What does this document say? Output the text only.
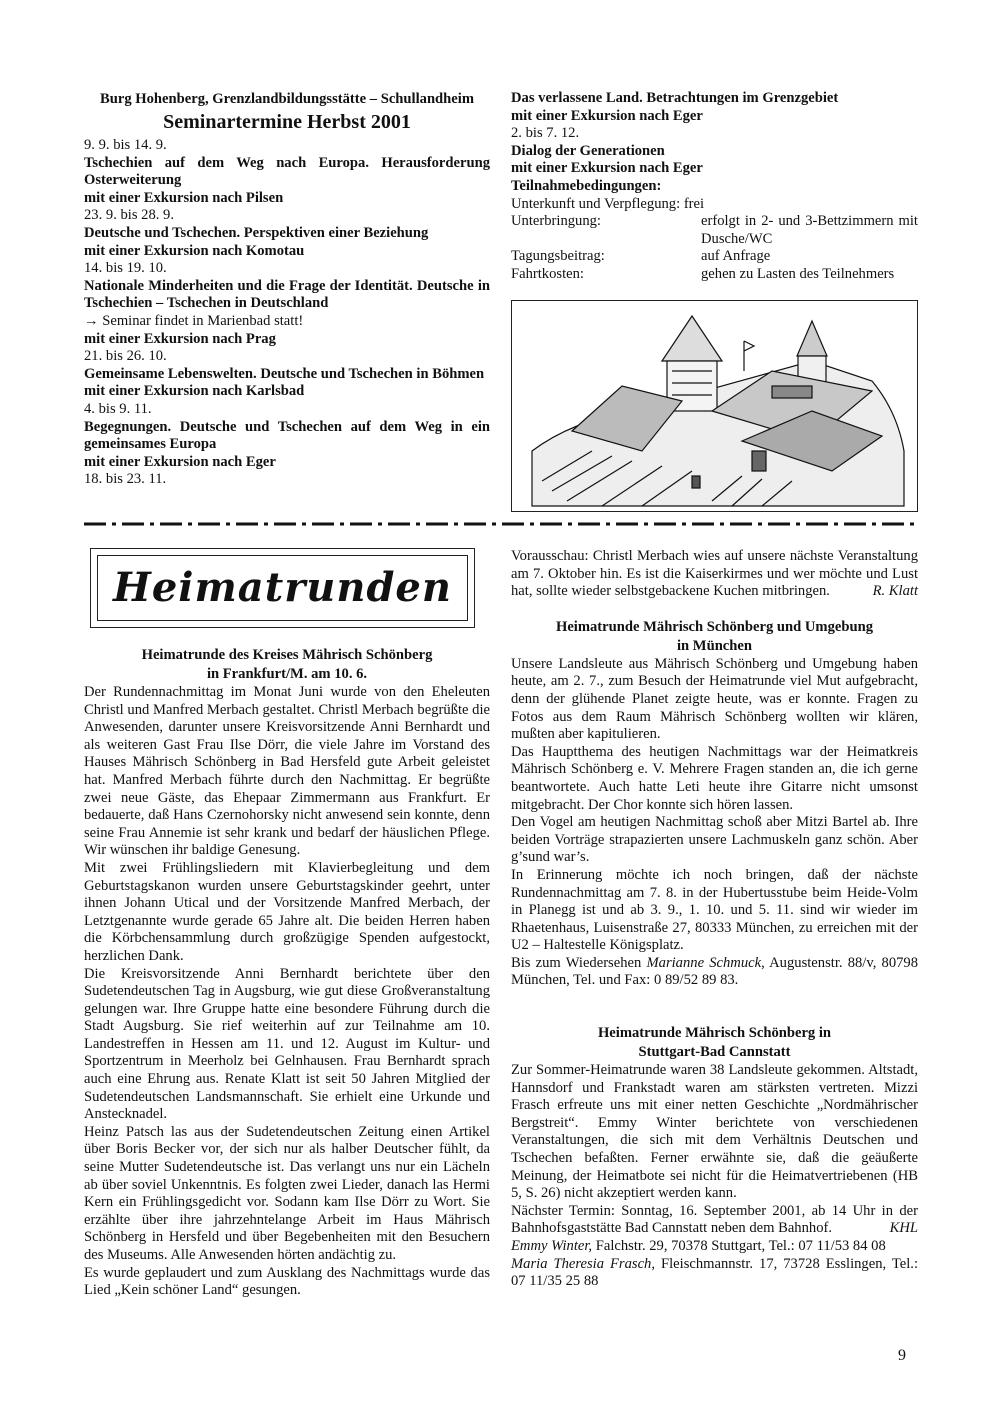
Burg Hohenberg, Grenzlandbildungsstätte – Schullandheim
Seminartermine Herbst 2001
9. 9. bis 14. 9.
Tschechien auf dem Weg nach Europa. Herausforderung Osterweiterung
mit einer Exkursion nach Pilsen
23. 9. bis 28. 9.
Deutsche und Tschechen. Perspektiven einer Beziehung
mit einer Exkursion nach Komotau
14. bis 19. 10.
Nationale Minderheiten und die Frage der Identität. Deutsche in Tschechien – Tschechen in Deutschland
→ Seminar findet in Marienbad statt!
mit einer Exkursion nach Prag
21. bis 26. 10.
Gemeinsame Lebenswelten. Deutsche und Tschechen in Böhmen
mit einer Exkursion nach Karlsbad
4. bis 9. 11.
Begegnungen. Deutsche und Tschechen auf dem Weg in ein gemeinsames Europa
mit einer Exkursion nach Eger
18. bis 23. 11.
Das verlassene Land. Betrachtungen im Grenzgebiet
mit einer Exkursion nach Eger
2. bis 7. 12.
Dialog der Generationen
mit einer Exkursion nach Eger
Teilnahmebedingungen:
Unterkunft und Verpflegung: frei
Unterbringung:	erfolgt in 2- und 3-Bettzimmern mit Dusche/WC
Tagungsbeitrag:	auf Anfrage
Fahrtkosten:	gehen zu Lasten des Teilnehmers
Heimatrunden
Heimatrunde des Kreises Mährisch Schönberg
in Frankfurt/M. am 10. 6.
Der Rundennachmittag im Monat Juni wurde von den Eheleuten Christl und Manfred Merbach gestaltet. Christl Merbach begrüßte die Anwesenden, darunter unsere Kreisvorsitzende Anni Bernhardt und als weiteren Gast Frau Ilse Dörr, die viele Jahre im Vorstand des Hauses Mährisch Schönberg in Bad Hersfeld gute Arbeit geleistet hat. Manfred Merbach führte durch den Nachmittag. Er begrüßte zwei neue Gäste, das Ehepaar Zimmermann aus Frankfurt. Er bedauerte, daß Hans Czernohorsky nicht anwesend sein konnte, denn seine Frau Annemie ist sehr krank und bedarf der häuslichen Pflege. Wir wünschen ihr baldige Genesung.
Mit zwei Frühlingsliedern mit Klavierbegleitung und dem Geburtstagskanon wurden unsere Geburtstagskinder geehrt, unter ihnen Johann Utical und der Vorsitzende Manfred Merbach, der Letztgenannte wurde gerade 65 Jahre alt. Die beiden Herren haben die Körbchensammlung durch großzügige Spenden aufgestockt, herzlichen Dank.
Die Kreisvorsitzende Anni Bernhardt berichtete über den Sudetendeutschen Tag in Augsburg, wie gut diese Großveranstaltung gelungen war. Ihre Gruppe hatte eine besondere Führung durch die Stadt Augsburg. Sie rief weiterhin auf zur Teilnahme am 10. Landestreffen in Hessen am 11. und 12. August im Kultur- und Sportzentrum in Meerholz bei Gelnhausen. Frau Bernhardt sprach auch eine Ehrung aus. Renate Klatt ist seit 50 Jahren Mitglied der Sudetendeutschen Landsmannschaft. Sie erhielt eine Urkunde und Anstecknadel.
Heinz Patsch las aus der Sudetendeutschen Zeitung einen Artikel über Boris Becker vor, der sich nur als halber Deutscher fühlt, da seine Mutter Sudetendeutsche ist. Das verlangt uns nur ein Lächeln ab über soviel Unkenntnis. Es folgten zwei Lieder, danach las Hermi Kern ein Frühlingsgedicht vor. Sodann kam Ilse Dörr zu Wort. Sie erzählte über ihre jahrzehntelange Arbeit im Haus Mährisch Schönberg in Hersfeld und über Begebenheiten mit den Besuchern des Museums. Alle Anwesenden hörten andächtig zu.
Es wurde geplaudert und zum Ausklang des Nachmittags wurde das Lied „Kein schöner Land“ gesungen.
Vorausschau: Christl Merbach wies auf unsere nächste Veranstaltung am 7. Oktober hin. Es ist die Kaiserkirmes und wer möchte und Lust hat, sollte wieder selbstgebackene Kuchen mitbringen.	R. Klatt
Heimatrunde Mährisch Schönberg und Umgebung
in München
Unsere Landsleute aus Mährisch Schönberg und Umgebung haben heute, am 2. 7., zum Besuch der Heimatrunde viel Mut aufgebracht, denn der glühende Planet zeigte heute, was er konnte. Fragen zu Fotos aus dem Raum Mährisch Schönberg wollten wir klären, mußten aber kapitulieren.
Das Hauptthema des heutigen Nachmittags war der Heimatkreis Mährisch Schönberg e. V. Mehrere Fragen standen an, die ich gerne beantwortete. Auch hatte Leti heute ihre Gitarre nicht umsonst mitgebracht. Der Chor konnte sich hören lassen.
Den Vogel am heutigen Nachmittag schoß aber Mitzi Bartel ab. Ihre beiden Vorträge strapazierten unsere Lachmuskeln ganz schön. Aber g’sund war’s.
In Erinnerung möchte ich noch bringen, daß der nächste Rundennachmittag am 7. 8. in der Hubertusstube beim Heide-Volm in Planegg ist und ab 3. 9., 1. 10. und 5. 11. sind wir wieder im Rhaetenhaus, Luisenstraße 27, 80333 München, zu erreichen mit der U2 – Haltestelle Königsplatz.
Bis zum Wiedersehen Marianne Schmuck, Augustenstr. 88/v, 80798 München, Tel. und Fax: 0 89/52 89 83.
Heimatrunde Mährisch Schönberg in
Stuttgart-Bad Cannstatt
Zur Sommer-Heimatrunde waren 38 Landsleute gekommen. Altstadt, Hannsdorf und Frankstadt waren am stärksten vertreten. Mizzi Frasch erfreute uns mit einer netten Geschichte „Nordmährischer Bergstreit“. Emmy Winter berichtete von verschiedenen Veranstaltungen, die sich mit dem Verhältnis Deutschen und Tschechen befaßten. Ferner erwähnte sie, daß die geäußerte Meinung, der Heimatbote sei nicht für die Heimatvertriebenen (HB 5, S. 26) nicht akzeptiert werden kann.
Nächster Termin: Sonntag, 16. September 2001, ab 14 Uhr in der Bahnhofsgaststätte Bad Cannstatt neben dem Bahnhof.	KHL
Emmy Winter, Falchstr. 29, 70378 Stuttgart, Tel.: 07 11/53 84 08
Maria Theresia Frasch, Fleischmannstr. 17, 73728 Esslingen, Tel.: 07 11/35 25 88
9
